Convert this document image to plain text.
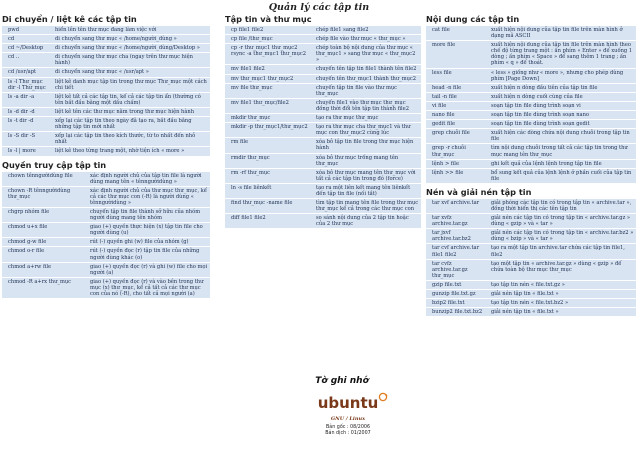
Quản lý các tập tin
Di chuyển / liệt kê các tập tin
pwd	hiển lên tên thư mục đang làm việc với
cd	di chuyển sang thư mục « /home/người_dùng »
cd ~/Desktop	di chuyển sang thư mục « /home/người_dùng/Desktop »
cd ..	di chuyển sang thư mục cha (ngay trên thư mục hiện hành)
cd /usr/apt	di chuyển sang thư mục « /usr/apt »
ls -l Thư_mục dir -l Thư_mục	liệt kê danh mục tập tin trong thư mục Thư_mục một cách chi tiết
ls -a dir -a	liệt kê tất cả các tập tin, kể cả các tập tin ẩn (thường có tên bắt đầu bằng một dấu chấm)
ls -d dir -d	liệt kê tên các thư mục nằm trong thư mục hiện hành
ls -t dir -d	xếp lại các tập tin theo ngày đã tạo ra, bắt đầu bằng những tập tin mới nhất
ls -S dir -S	xếp lại các tập tin theo kích thước, từ to nhất đến nhỏ nhất
ls -l | more	liệt kê theo từng trang một, nhờ tiện ích « more »
Quyền truy cập tập tin
chown tênngườidùng file	xác định người chủ của tập tin file là người dùng mang tên « tênngườidùng »
chown -R tênngườidùng thư_mục	xác định người chủ của thư mục thư_mục, kể cả các thư mục con (-R) là người dùng « tênngườidùng »
chgrp nhóm file	chuyển tập tin file thành sở hữu của nhóm người dùng mang tên nhóm
chmod u+x file	giao (+) quyền thực hiện (x) tập tin file cho người dùng (u)
chmod g-w file	rút (-) quyền ghi (w) file của nhóm (g)
chmod o-r file	rút (-) quyền đọc (r) tập tin file của những người dùng khác (o)
chmod a+rw file	giao (+) quyền đọc (r) và ghi (w) file cho mọi người (a)
chmod -R a+rx thư_mục	giao (+) quyền đọc (r) và vào bên trong thư mục (x) thư_mục, kể cả tất cả các thư mục con của nó (-R), cho tất cả mọi người (a)
Tập tin và thư mục
cp file1 file2	chép file1 sang file2
cp file /thư_mục	chép file vào thư mục « thư_mục »
cp -r thư_mục1 thư_mục2 rsync -a thư_mục1 thư_mục2	chép toàn bộ nội dung của thư mục « thư_mục1 » sang thư mục « thư_mục2 »
mv file1 file2	chuyển tên tập tin file1 thành tên file2
mv thư_mục1 thư_mục2	chuyển tên thư_mục1 thành thư_mục2
mv file thư_mục	chuyển tập tin file vào thư mục thư_mục
mv file1 thư_mục/file2	chuyển file1 vào thư mục thư_mục đồng thời đổi tên tập tin thành file2
mkdir thư_mục	tạo ra thư mục thư_mục
mkdir -p thư_mục1/thư_mục2	tạo ra thư mục cha thư_mục1 và thư mục con thư_mục2 cùng lúc
rm file	xóa bỏ tập tin file trong thư mục hiện hành
rmdir thư_mục	xóa bỏ thư mục trống mang tên thư_mục
rm -rf thư_mục	xóa bỏ thư mục mang tên thư_mục với tất cả các tập tin trong đó (force)
ln -s file liênkết	tạo ra một liên kết mang tên liênkết đến tập tin file (nối tắt)
find thư_mục -name file	tìm tập tin mang tên file trong thư mục thư_mục kể cả trong các thư mục con
diff file1 file2	so sánh nội dung của 2 tập tin hoặc của 2 thư mục
Nội dung các tập tin
cat file	xuất hiện nội dung của tập tin file trên màn hình ở dạng mã ASCII
more file	xuất hiện nội dung của tập tin file trên màn hình theo chế độ từng trang một : ấn phím « Enter » để xuống 1 dòng ; ấn phím « Space » để sang thêm 1 trang ; ấn phím « q » để thoát.
less file	« less » giống như « more », nhưng cho phép dùng phím [Page Down]
head -n file	xuất hiện n dòng đầu tiên của tập tin file
tail -n file	xuất hiện n dòng cuối cùng của file
vi file	soạn tập tin file dùng trình soạn vi
nano file	soạn tập tin file dùng trình soạn nano
gedit file	soạn tập tin file dùng trình soạn gedit
grep chuỗi file	xuất hiện các dòng chứa nội dung chuỗi trong tập tin file
grep -r chuỗi thư_mục	tìm nội dung chuỗi trong tất cả các tập tin trong thư mục mang tên thư_mục
lệnh > file	ghi kết quả của lệnh lệnh trong tập tin file
lệnh >> file	bổ sung kết quả của lệnh lệnh ở phần cuối của tập tin file
Nén và giải nén tập tin
tar xvf archive.tar	giải phóng các tập tin có trong tập tin « archive.tar », đồng thời hiển thị các tên tập tin
tar xvfz archive.tar.gz	giải nén các tập tin có trong tập tin « archive.tar.gz » dùng « gzip » và « tar »
tar jxvf archive.tar.bz2	giải nén các tập tin có trong tập tin « archive.tar.bz2 » dùng « bzip » và « tar »
tar cvf archive.tar file1 file2	tạo ra một tập tin archive.tar chứa các tập tin file1, file2
tar cvfz archive.tar.gz thư_mục	tạo một tập tin « archive.tar.gz » dùng « gzip » để chứa toàn bộ thư mục thư_mục
gzip file.txt	tạo tập tin nén « file.txt.gz »
gunzip file.txt.gz	giải nén tập tin « file.txt »
bzip2 file.txt	tạo tập tin nén « file.txt.bz2 »
bunzip2 file.txt.bz2	giải nén tập tin « file.txt »
Tờ ghi nhớ
ubuntu
GNU / Linux
Bản gốc : 08/2006
Bản dịch : 01/2007
